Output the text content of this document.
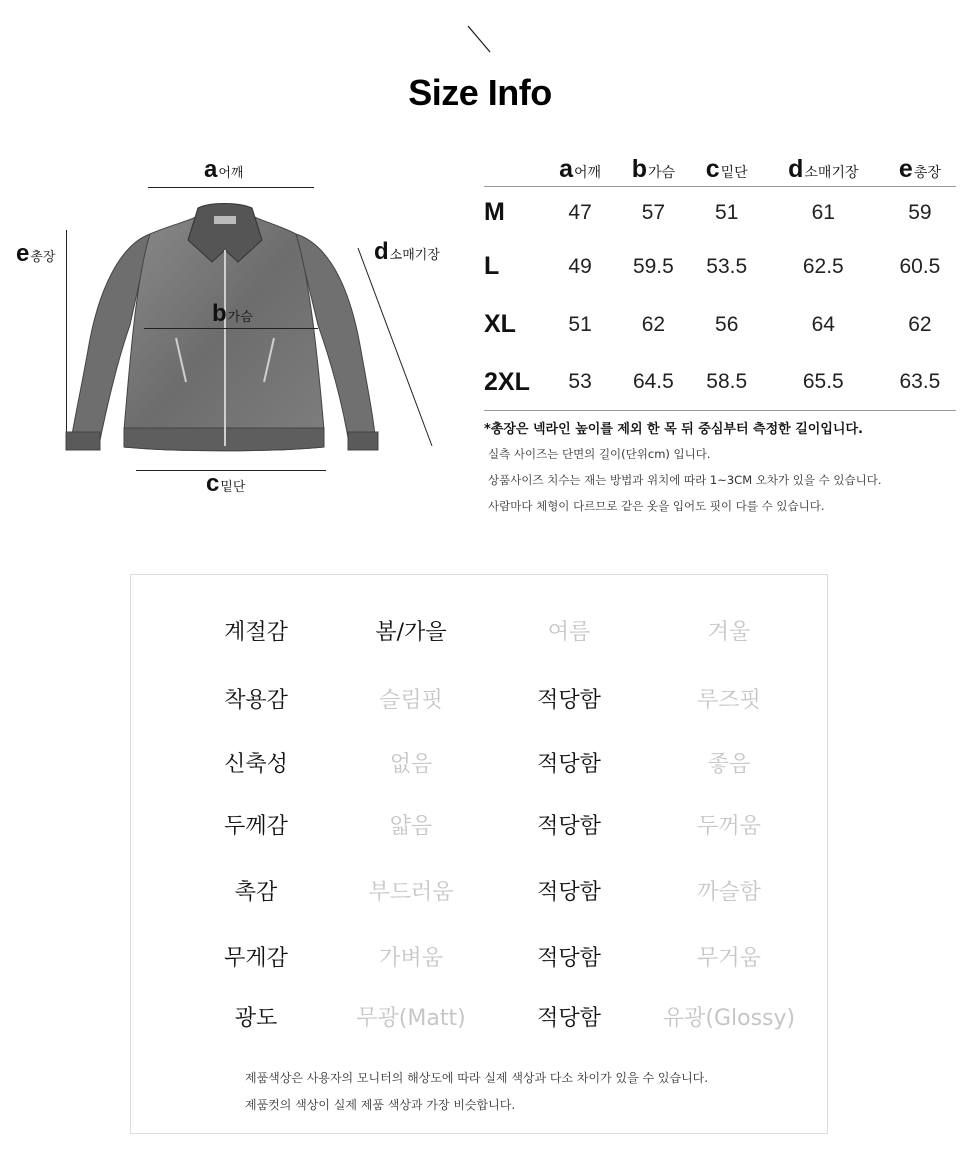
Size Info
a어깨
e총장	d소매기장
b가슴
c밑단
	a어깨	b가슴	c밑단	d소매기장	e총장
M	47	57	51	61	59
L	49	59.5	53.5	62.5	60.5
XL	51	62	56	64	62
2XL	53	64.5	58.5	65.5	63.5
*총장은 넥라인 높이를 제외 한 목 뒤 중심부터 측정한 길이입니다.
실측 사이즈는 단면의 길이(단위cm) 입니다.
상품사이즈 치수는 재는 방법과 위치에 따라 1~3CM 오차가 있을 수 있습니다.
사람마다 체형이 다르므로 같은 옷을 입어도 핏이 다를 수 있습니다.
계절감	봄/가을	여름	겨울
착용감	슬림핏	적당함	루즈핏
신축성	없음	적당함	좋음
두께감	얇음	적당함	두꺼움
촉감	부드러움	적당함	까슬함
무게감	가벼움	적당함	무거움
광도	무광(Matt)	적당함	유광(Glossy)
제품색상은 사용자의 모니터의 해상도에 따라 실제 색상과 다소 차이가 있을 수 있습니다.
제품컷의 색상이 실제 제품 색상과 가장 비슷합니다.
